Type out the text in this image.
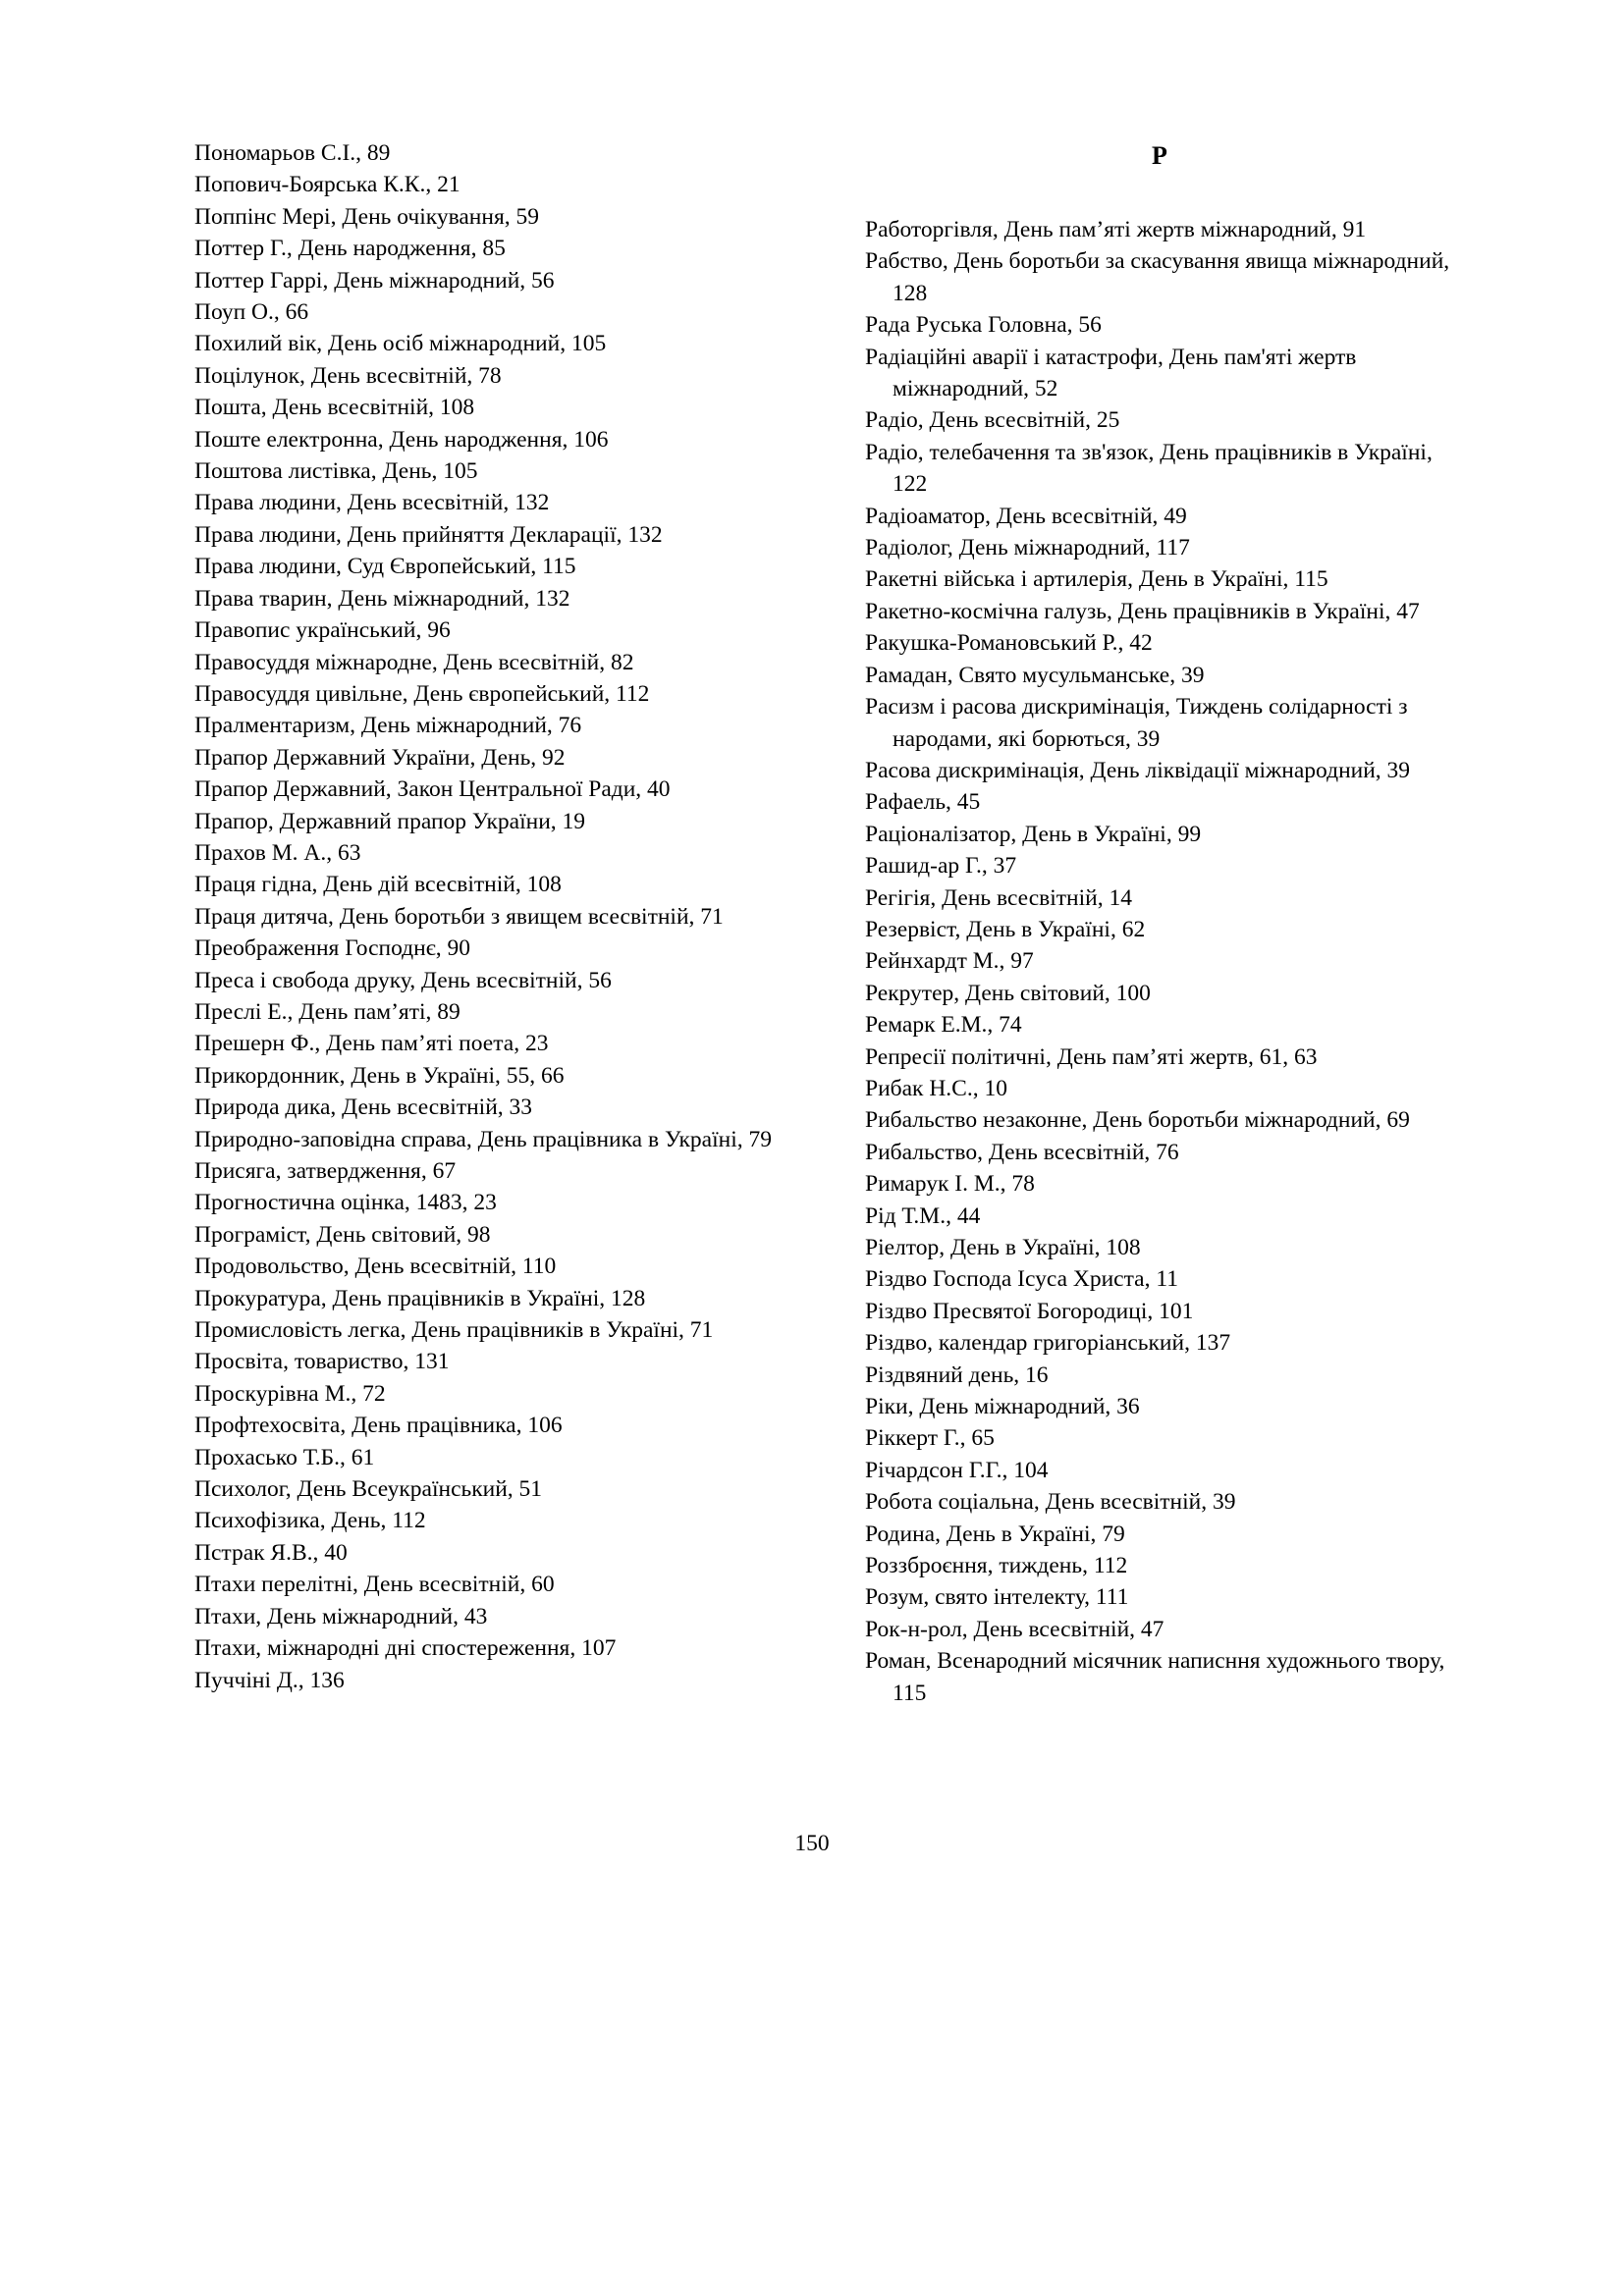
Пономарьов С.І., 89

Попович-Боярська К.К., 21

Поппінс Мері, День очікування, 59

Поттер Г., День народження, 85

Поттер Гаррі, День міжнародний, 56

Поуп О., 66

Похилий вік, День осіб міжнародний, 105

Поцілунок, День всесвітній, 78

Пошта, День всесвітній, 108

Поште електронна, День народження, 106

Поштова листівка, День, 105

Права людини, День всесвітній, 132

Права людини, День прийняття Декларації, 132

Права людини, Суд Європейський, 115

Права тварин, День міжнародний, 132

Правопис український, 96

Правосуддя міжнародне, День всесвітній, 82

Правосуддя цивільне, День європейський, 112

Пралментаризм, День міжнародний, 76

Прапор Державний України, День, 92

Прапор Державний, Закон Центральної Ради, 40

Прапор, Державний прапор України, 19

Прахов М. А., 63

Праця гідна, День дій всесвітній, 108

Праця дитяча, День боротьби з явищем всесвітній, 71

Преображення Господнє, 90

Преса і свобода друку, День всесвітній, 56

Преслі Е., День пам’яті, 89

Прешерн Ф., День пам’яті поета, 23

Прикордонник, День в Україні, 55, 66

Природа дика, День всесвітній, 33

Природно-заповідна справа, День працівника в Україні, 79

Присяга, затвердження, 67

Прогностична оцінка, 1483, 23

Програміст, День світовий, 98

Продовольство, День всесвітній, 110

Прокуратура, День працівників в Україні, 128

Промисловість легка, День працівників в Україні, 71

Просвіта, товариство, 131

Проскурівна М., 72

Профтехосвіта, День працівника, 106

Прохасько Т.Б., 61

Психолог, День Всеукраїнський, 51

Психофізика, День, 112

Пстрак Я.В., 40

Птахи перелітні, День всесвітній, 60

Птахи, День міжнародний, 43

Птахи, міжнародні дні спостереження, 107

Пуччіні Д., 136

Р

Работоргівля, День пам’яті жертв міжнародний, 91

Рабство, День боротьби за скасування явища міжнародний, 128

Рада Руська Головна, 56

Радіаційні аварії і катастрофи, День пам'яті жертв міжнародний, 52

Радіо, День всесвітній, 25

Радіо, телебачення та зв'язок, День працівників в Україні, 122

Радіоаматор, День всесвітній, 49

Радіолог, День міжнародний, 117

Ракетні війська і артилерія, День в Україні, 115

Ракетно-космічна галузь, День працівників в Україні, 47

Ракушка-Романовський Р., 42

Рамадан, Свято мусульманське, 39

Расизм і расова дискримінація, Тиждень солідарності з народами, які борються, 39

Расова дискримінація, День ліквідації міжнародний, 39

Рафаель, 45

Раціоналізатор, День в Україні, 99

Рашид-ар Г., 37

Регігія, День всесвітній, 14

Резервіст, День в Україні, 62

Рейнхардт М., 97

Рекрутер, День світовий, 100

Ремарк Е.М., 74

Репресії політичні, День пам’яті жертв, 61, 63

Рибак Н.С., 10

Рибальство незаконне, День боротьби міжнародний, 69

Рибальство, День всесвітній, 76

Римарук І. М., 78

Рід Т.М., 44

Ріелтор, День в Україні, 108

Різдво Господа Ісуса Христа, 11

Різдво Пресвятої Богородиці, 101

Різдво, календар григоріанський, 137

Різдвяний день, 16

Ріки, День міжнародний, 36

Ріккерт Г., 65

Річардсон Г.Г., 104

Робота соціальна, День всесвітній, 39

Родина, День в Україні, 79

Роззброєння, тиждень, 112

Розум, свято інтелекту, 111

Рок-н-рол, День всесвітній, 47

Роман, Всенародний місячник написння художнього твору, 115

150
